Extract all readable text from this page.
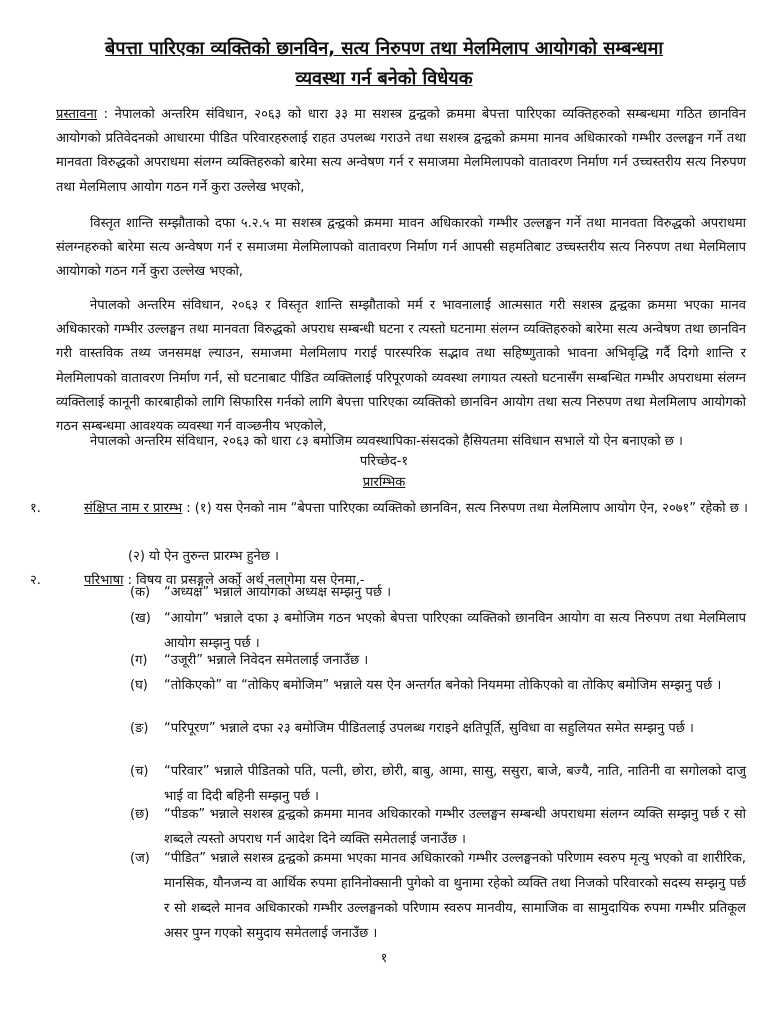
बेपत्ता पारिएका व्यक्तिको छानविन, सत्य निरुपण तथा मेलमिलाप आयोगको सम्बन्धमा
व्यवस्था गर्न बनेको विधेयक
प्रस्तावना : नेपालको अन्तरिम संविधान, २०६३ को धारा ३३ मा सशस्त्र द्वन्द्वको क्रममा बेपत्ता पारिएका व्यक्तिहरुको सम्बन्धमा गठित छानविन आयोगको प्रतिवेदनको आधारमा पीडित परिवारहरुलाई राहत उपलब्ध गराउने तथा सशस्त्र द्वन्द्वको क्रममा मानव अधिकारको गम्भीर उल्लङ्घन गर्ने तथा मानवता विरुद्धको अपराधमा संलग्न व्यक्तिहरुको बारेमा सत्य अन्वेषण गर्न र समाजमा मेलमिलापको वातावरण निर्माण गर्न उच्चस्तरीय सत्य निरुपण तथा मेलमिलाप आयोग गठन गर्ने कुरा उल्लेख भएको,
विस्तृत शान्ति सम्झौताको दफा ५.२.५ मा सशस्त्र द्वन्द्वको क्रममा मावन अधिकारको गम्भीर उल्लङ्घन गर्ने तथा मानवता विरुद्धको अपराधमा संलग्नहरुको बारेमा सत्य अन्वेषण गर्न र समाजमा मेलमिलापको वातावरण निर्माण गर्न आपसी सहमतिबाट उच्चस्तरीय सत्य निरुपण तथा मेलमिलाप आयोगको गठन गर्ने कुरा उल्लेख भएको,
नेपालको अन्तरिम संविधान, २०६३ र विस्तृत शान्ति सम्झौताको मर्म र भावनालाई आत्मसात गरी सशस्त्र द्वन्द्वका क्रममा भएका मानव अधिकारको गम्भीर उल्लङ्घन तथा मानवता विरुद्धको अपराध सम्बन्धी घटना र त्यस्तो घटनामा संलग्न व्यक्तिहरुको बारेमा सत्य अन्वेषण तथा छानविन गरी वास्तविक तथ्य जनसमक्ष ल्याउन, समाजमा मेलमिलाप गराई पारस्परिक सद्भाव तथा सहिष्णुताको भावना अभिवृद्धि गर्दै दिगो शान्ति र मेलमिलापको वातावरण निर्माण गर्न, सो घटनाबाट पीडित व्यक्तिलाई परिपूरणको व्यवस्था लगायत त्यस्तो घटनासँग सम्बन्धित गम्भीर अपराधमा संलग्न व्यक्तिलाई कानूनी कारबाहीको लागि सिफारिस गर्नको लागि बेपत्ता पारिएका व्यक्तिको छानविन आयोग तथा सत्य निरुपण तथा मेलमिलाप आयोगको गठन सम्बन्धमा आवश्यक व्यवस्था गर्न वाञ्छनीय भएकोले,
नेपालको अन्तरिम संविधान, २०६३ को धारा ८३ बमोजिम व्यवस्थापिका-संसदको हैसियतमा संविधान सभाले यो ऐन बनाएको छ ।
परिच्छेद-१
प्रारम्भिक
१.	संक्षिप्त नाम र प्रारम्भ : (१) यस ऐनको नाम “बेपत्ता पारिएका व्यक्तिको छानविन, सत्य निरुपण तथा मेलमिलाप आयोग ऐन, २०७१” रहेको छ ।
(२) यो ऐन तुरुन्त प्रारम्भ हुनेछ ।
२.	परिभाषा : विषय वा प्रसङ्गले अर्को अर्थ नलागेमा यस ऐनमा,-
(क) “अध्यक्ष” भन्नाले आयोगको अध्यक्ष सम्झनु पर्छ ।
(ख) “आयोग” भन्नाले दफा ३ बमोजिम गठन भएको बेपत्ता पारिएका व्यक्तिको छानविन आयोग वा सत्य निरुपण तथा मेलमिलाप आयोग सम्झनु पर्छ ।
(ग) “उजूरी” भन्नाले निवेदन समेतलाई जनाउँछ ।
(घ) “तोकिएको” वा “तोकिए बमोजिम” भन्नाले यस ऐन अन्तर्गत बनेको नियममा तोकिएको वा तोकिए बमोजिम सम्झनु पर्छ ।
(ङ) “परिपूरण” भन्नाले दफा २३ बमोजिम पीडितलाई उपलब्ध गराइने क्षतिपूर्ति, सुविधा वा सहुलियत समेत सम्झनु पर्छ ।
(च) “परिवार” भन्नाले पीडितको पति, पत्नी, छोरा, छोरी, बाबु, आमा, सासु, ससुरा, बाजे, बज्यै, नाति, नातिनी वा सगोलको दाजु भाई वा दिदी बहिनी सम्झनु पर्छ ।
(छ) “पीडक” भन्नाले सशस्त्र द्वन्द्वको क्रममा मानव अधिकारको गम्भीर उल्लङ्घन सम्बन्धी अपराधमा संलग्न व्यक्ति सम्झनु पर्छ र सो शब्दले त्यस्तो अपराध गर्न आदेश दिने व्यक्ति समेतलाई जनाउँछ ।
(ज) “पीडित” भन्नाले सशस्त्र द्वन्द्वको क्रममा भएका मानव अधिकारको गम्भीर उल्लङ्घनको परिणाम स्वरुप मृत्यु भएको वा शारीरिक, मानसिक, यौनजन्य वा आर्थिक रुपमा हानिनोक्सानी पुगेको वा थुनामा रहेको व्यक्ति तथा निजको परिवारको सदस्य सम्झनु पर्छ र सो शब्दले मानव अधिकारको गम्भीर उल्लङ्घनको परिणाम स्वरुप मानवीय, सामाजिक वा सामुदायिक रुपमा गम्भीर प्रतिकूल असर पुग्न गएको समुदाय समेतलाई जनाउँछ ।
१
